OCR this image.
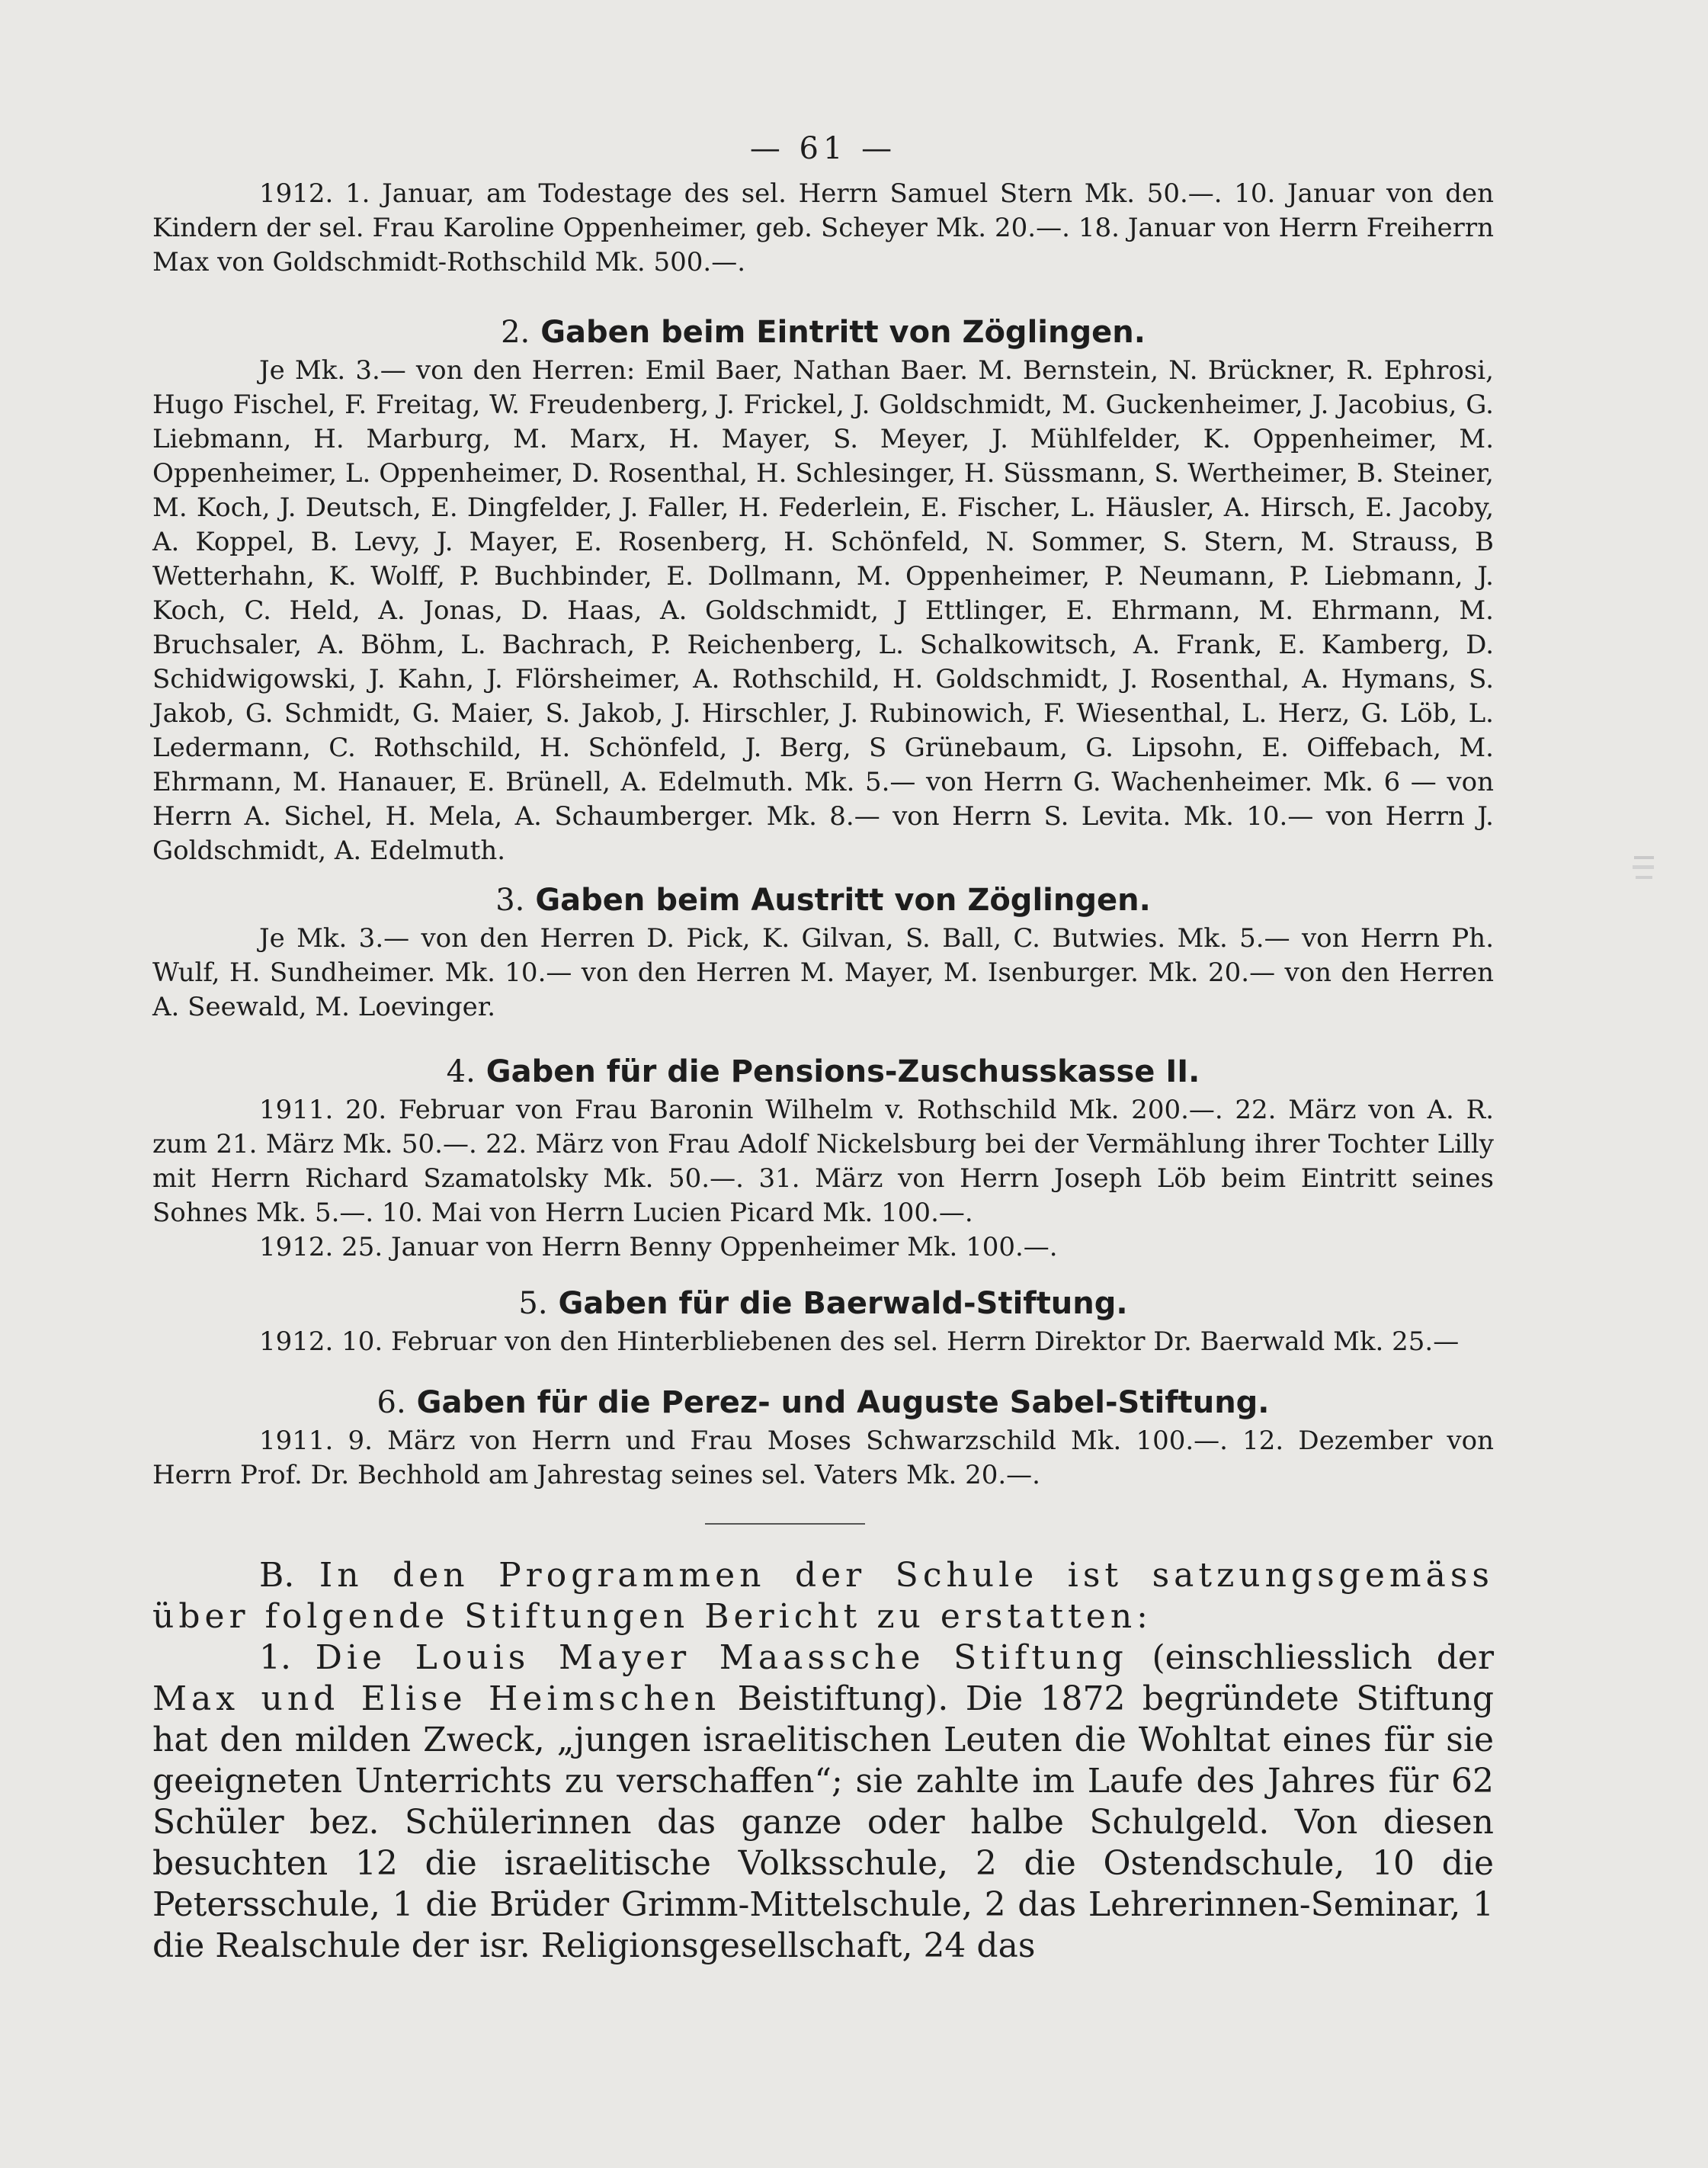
— 61 —

1912. 1. Januar, am Todestage des sel. Herrn Samuel Stern Mk. 50.—. 10. Januar von den Kindern der sel. Frau Karoline Oppenheimer, geb. Scheyer Mk. 20.—. 18. Januar von Herrn Freiherrn Max von Goldschmidt-Rothschild Mk. 500.—.

2. Gaben beim Eintritt von Zöglingen.

Je Mk. 3.— von den Herren: Emil Baer, Nathan Baer. M. Bernstein, N. Brückner, R. Ephrosi, Hugo Fischel, F. Freitag, W. Freudenberg, J. Frickel, J. Goldschmidt, M. Guckenheimer, J. Jacobius, G. Liebmann, H. Marburg, M. Marx, H. Mayer, S. Meyer, J. Mühlfelder, K. Oppenheimer, M. Oppenheimer, L. Oppenheimer, D. Rosenthal, H. Schlesinger, H. Süssmann, S. Wertheimer, B. Steiner, M. Koch, J. Deutsch, E. Dingfelder, J. Faller, H. Federlein, E. Fischer, L. Häusler, A. Hirsch, E. Jacoby, A. Koppel, B. Levy, J. Mayer, E. Rosenberg, H. Schönfeld, N. Sommer, S. Stern, M. Strauss, B Wetterhahn, K. Wolff, P. Buchbinder, E. Dollmann, M. Oppenheimer, P. Neumann, P. Liebmann, J. Koch, C. Held, A. Jonas, D. Haas, A. Goldschmidt, J Ettlinger, E. Ehrmann, M. Ehrmann, M. Bruchsaler, A. Böhm, L. Bachrach, P. Reichenberg, L. Schalkowitsch, A. Frank, E. Kamberg, D. Schidwigowski, J. Kahn, J. Flörsheimer, A. Rothschild, H. Goldschmidt, J. Rosenthal, A. Hymans, S. Jakob, G. Schmidt, G. Maier, S. Jakob, J. Hirschler, J. Rubinowich, F. Wiesenthal, L. Herz, G. Löb, L. Ledermann, C. Rothschild, H. Schönfeld, J. Berg, S Grünebaum, G. Lipsohn, E. Oiffebach, M. Ehrmann, M. Hanauer, E. Brünell, A. Edelmuth. Mk. 5.— von Herrn G. Wachenheimer. Mk. 6 — von Herrn A. Sichel, H. Mela, A. Schaumberger. Mk. 8.— von Herrn S. Levita. Mk. 10.— von Herrn J. Goldschmidt, A. Edelmuth.

3. Gaben beim Austritt von Zöglingen.

Je Mk. 3.— von den Herren D. Pick, K. Gilvan, S. Ball, C. Butwies. Mk. 5.— von Herrn Ph. Wulf, H. Sundheimer. Mk. 10.— von den Herren M. Mayer, M. Isenburger. Mk. 20.— von den Herren A. Seewald, M. Loevinger.

4. Gaben für die Pensions-Zuschusskasse II.

1911. 20. Februar von Frau Baronin Wilhelm v. Rothschild Mk. 200.—. 22. März von A. R. zum 21. März Mk. 50.—. 22. März von Frau Adolf Nickelsburg bei der Vermählung ihrer Tochter Lilly mit Herrn Richard Szamatolsky Mk. 50.—. 31. März von Herrn Joseph Löb beim Eintritt seines Sohnes Mk. 5.—. 10. Mai von Herrn Lucien Picard Mk. 100.—.

1912. 25. Januar von Herrn Benny Oppenheimer Mk. 100.—.

5. Gaben für die Baerwald-Stiftung.

1912. 10. Februar von den Hinterbliebenen des sel. Herrn Direktor Dr. Baerwald Mk. 25.—

6. Gaben für die Perez- und Auguste Sabel-Stiftung.

1911. 9. März von Herrn und Frau Moses Schwarzschild Mk. 100.—. 12. Dezember von Herrn Prof. Dr. Bechhold am Jahrestag seines sel. Vaters Mk. 20.—.

B. In den Programmen der Schule ist satzungsgemäss über folgende Stiftungen Bericht zu erstatten:

1. Die Louis Mayer Maassche Stiftung (einschliesslich der Max und Elise Heimschen Beistiftung). Die 1872 begründete Stiftung hat den milden Zweck, „jungen israelitischen Leuten die Wohltat eines für sie geeigneten Unterrichts zu verschaffen“; sie zahlte im Laufe des Jahres für 62 Schüler bez. Schülerinnen das ganze oder halbe Schulgeld. Von diesen besuchten 12 die israelitische Volksschule, 2 die Ostendschule, 10 die Petersschule, 1 die Brüder Grimm-Mittelschule, 2 das Lehrerinnen-Seminar, 1 die Realschule der isr. Religionsgesellschaft, 24 das
